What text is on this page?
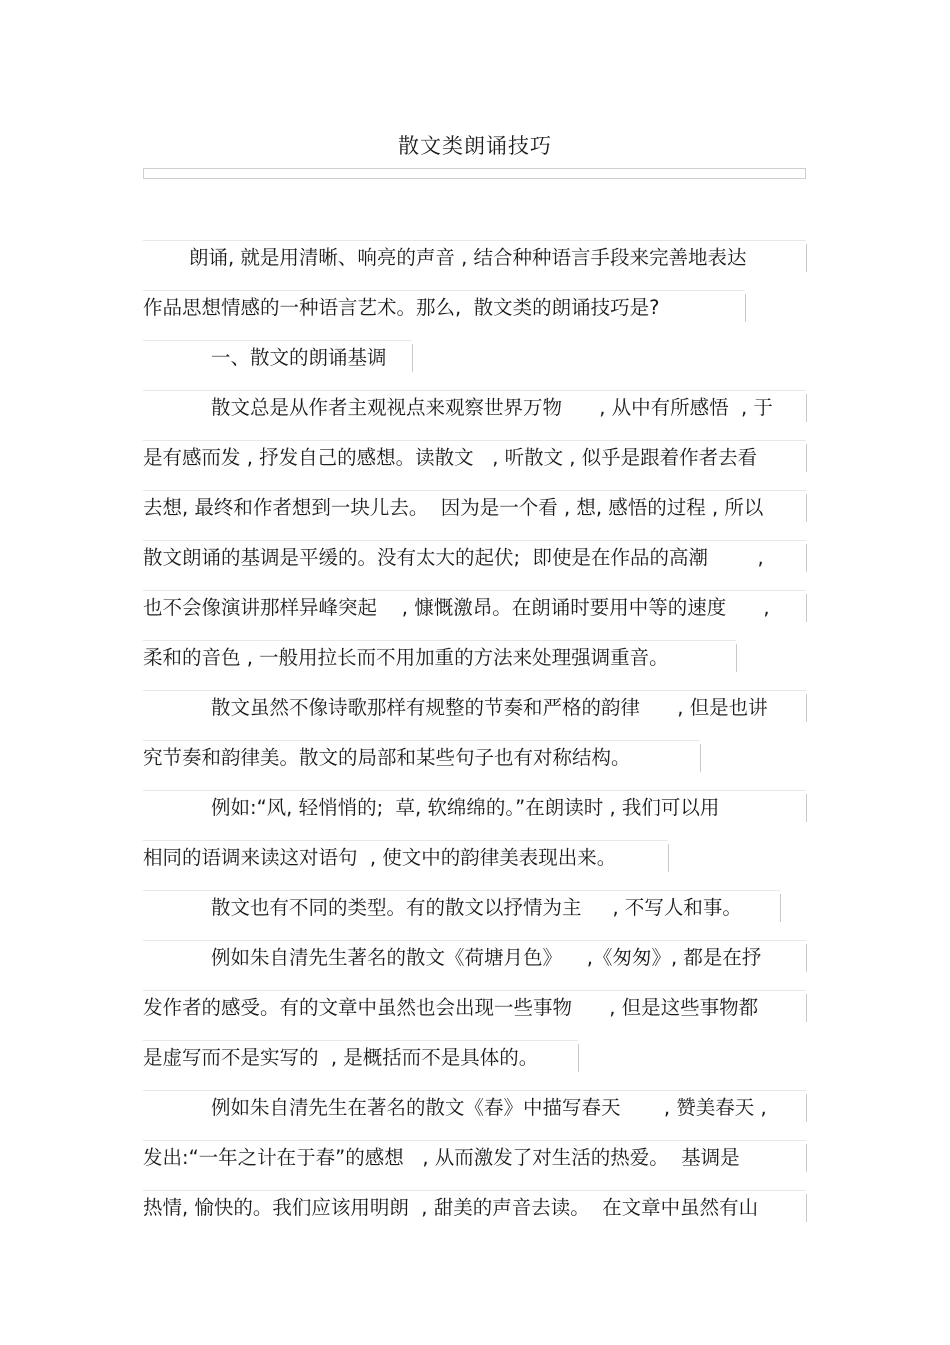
散文类朗诵技巧
朗诵, 就是用清晰、响亮的声音 , 结合种种语言手段来完善地表达
作品思想情感的一种语言艺术。那么,  散文类的朗诵技巧是?
一、散文的朗诵基调
散文总是从作者主观视点来观察世界万物      , 从中有所感悟  , 于
是有感而发 , 抒发自己的感想。读散文   , 听散文 , 似乎是跟着作者去看
去想, 最终和作者想到一块儿去。  因为是一个看 , 想, 感悟的过程 , 所以
散文朗诵的基调是平缓的。没有太大的起伏;  即使是在作品的高潮        ,
也不会像演讲那样异峰突起    , 慷慨激昂。在朗诵时要用中等的速度      ,
柔和的音色 , 一般用拉长而不用加重的方法来处理强调重音。
散文虽然不像诗歌那样有规整的节奏和严格的韵律      , 但是也讲
究节奏和韵律美。散文的局部和某些句子也有对称结构。
例如:“风, 轻悄悄的;  草, 软绵绵的。”在朗读时 , 我们可以用
相同的语调来读这对语句  , 使文中的韵律美表现出来。
散文也有不同的类型。有的散文以抒情为主     , 不写人和事。
例如朱自清先生著名的散文《荷塘月色》    ,《匆匆》, 都是在抒
发作者的感受。有的文章中虽然也会出现一些事物      , 但是这些事物都
是虚写而不是实写的  , 是概括而不是具体的。
例如朱自清先生在著名的散文《春》中描写春天       , 赞美春天 ,
发出:“一年之计在于春”的感想   , 从而激发了对生活的热爱。  基调是
热情, 愉快的。我们应该用明朗  , 甜美的声音去读。  在文章中虽然有山
